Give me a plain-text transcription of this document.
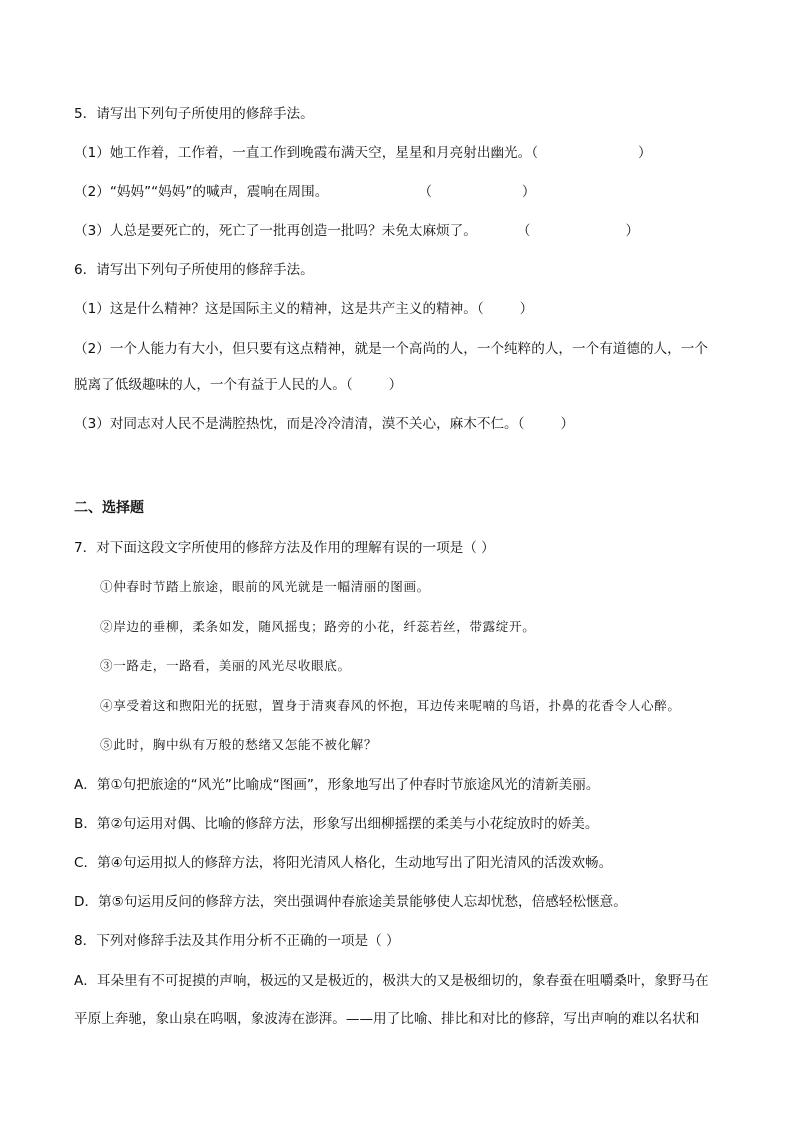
5．请写出下列句子所使用的修辞手法。
（1）她工作着，工作着，一直工作到晚霞布满天空，星星和月亮射出幽光。（	）
（2）“妈妈”“妈妈”的喊声，震响在周围。	（	）
（3）人总是要死亡的，死亡了一批再创造一批吗？未免太麻烦了。	（	）
6．请写出下列句子所使用的修辞手法。
（1）这是什么精神？这是国际主义的精神，这是共产主义的精神。（	）
（2）一个人能力有大小，但只要有这点精神，就是一个高尚的人，一个纯粹的人，一个有道德的人，一个
脱离了低级趣味的人，一个有益于人民的人。（	）
（3）对同志对人民不是满腔热忱，而是冷冷清清，漠不关心，麻木不仁。（	）
二、选择题
7．对下面这段文字所使用的修辞方法及作用的理解有误的一项是（ ）
①仲春时节踏上旅途，眼前的风光就是一幅清丽的图画。
②岸边的垂柳，柔条如发，随风摇曳；路旁的小花，纤蕊若丝，带露绽开。
③一路走，一路看，美丽的风光尽收眼底。
④享受着这和煦阳光的抚慰，置身于清爽春风的怀抱，耳边传来呢喃的鸟语，扑鼻的花香令人心醉。
⑤此时，胸中纵有万般的愁绪又怎能不被化解？
A．第①句把旅途的“风光”比喻成“图画”，形象地写出了仲春时节旅途风光的清新美丽。
B．第②句运用对偶、比喻的修辞方法，形象写出细柳摇摆的柔美与小花绽放时的娇美。
C．第④句运用拟人的修辞方法，将阳光清风人格化，生动地写出了阳光清风的活泼欢畅。
D．第⑤句运用反问的修辞方法，突出强调仲春旅途美景能够使人忘却忧愁，倍感轻松惬意。
8．下列对修辞手法及其作用分析不正确的一项是（ ）
A．耳朵里有不可捉摸的声响，极远的又是极近的，极洪大的又是极细切的，象春蚕在咀嚼桑叶，象野马在
平原上奔驰，象山泉在呜咽，象波涛在澎湃。——用了比喻、排比和对比的修辞，写出声响的难以名状和
